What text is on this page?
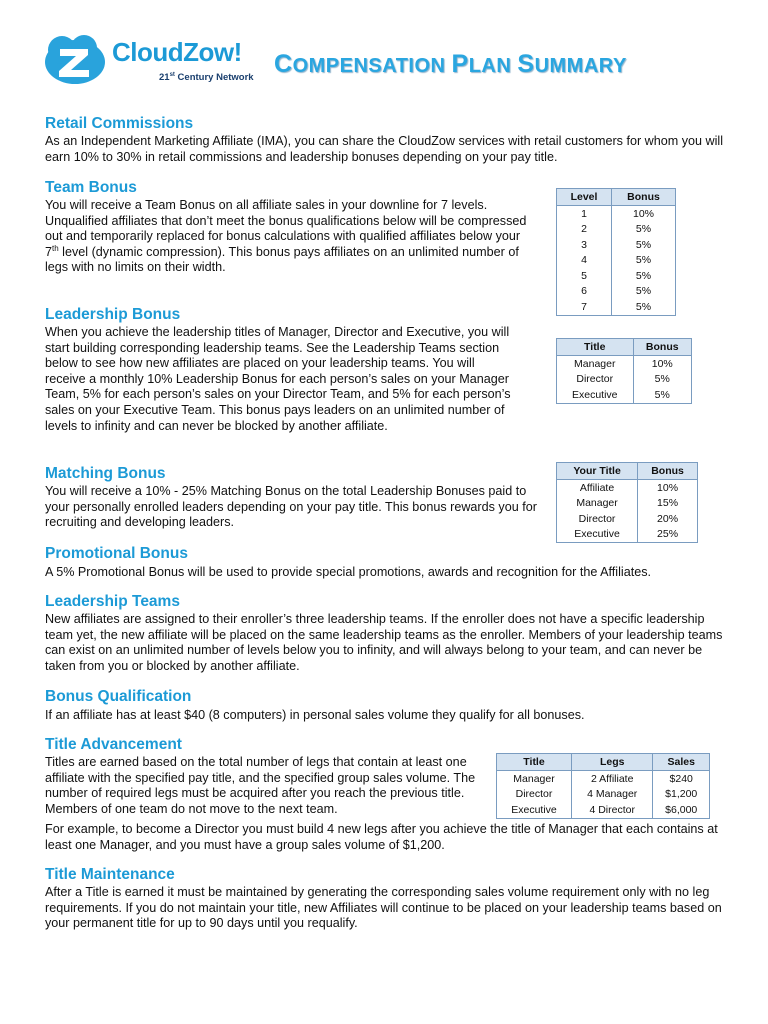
CloudZow!
21st Century Network COMPENSATION PLAN SUMMARY
Retail Commissions
As an Independent Marketing Affiliate (IMA), you can share the CloudZow services with retail customers for whom you will earn 10% to 30% in retail commissions and leadership bonuses depending on your pay title.
Team Bonus
You will receive a Team Bonus on all affiliate sales in your downline for 7 levels. Unqualified affiliates that don’t meet the bonus qualifications below will be compressed out and temporarily replaced for bonus calculations with qualified affiliates below your 7th level (dynamic compression). This bonus pays affiliates on an unlimited number of legs with no limits on their width.
Level	Bonus
1	10%
2	5%
3	5%
4	5%
5	5%
6	5%
7	5%
Leadership Bonus
When you achieve the leadership titles of Manager, Director and Executive, you will start building corresponding leadership teams. See the Leadership Teams section below to see how new affiliates are placed on your leadership teams. You will receive a monthly 10% Leadership Bonus for each person’s sales on your Manager Team, 5% for each person’s sales on your Director Team, and 5% for each person’s sales on your Executive Team. This bonus pays leaders on an unlimited number of levels to infinity and can never be blocked by another affiliate.
Title	Bonus
Manager	10%
Director	5%
Executive	5%
Matching Bonus
You will receive a 10% - 25% Matching Bonus on the total Leadership Bonuses paid to your personally enrolled leaders depending on your pay title. This bonus rewards you for recruiting and developing leaders.
Your Title	Bonus
Affiliate	10%
Manager	15%
Director	20%
Executive	25%
Promotional Bonus
A 5% Promotional Bonus will be used to provide special promotions, awards and recognition for the Affiliates.
Leadership Teams
New affiliates are assigned to their enroller’s three leadership teams. If the enroller does not have a specific leadership team yet, the new affiliate will be placed on the same leadership teams as the enroller. Members of your leadership teams can exist on an unlimited number of levels below you to infinity, and will always belong to your team, and can never be taken from you or blocked by another affiliate.
Bonus Qualification
If an affiliate has at least $40 (8 computers) in personal sales volume they qualify for all bonuses.
Title Advancement
Titles are earned based on the total number of legs that contain at least one affiliate with the specified pay title, and the specified group sales volume. The number of required legs must be acquired after you reach the previous title. Members of one team do not move to the next team.
Title	Legs	Sales
Manager	2 Affiliate	$240
Director	4 Manager	$1,200
Executive	4 Director	$6,000
For example, to become a Director you must build 4 new legs after you achieve the title of Manager that each contains at least one Manager, and you must have a group sales volume of $1,200.
Title Maintenance
After a Title is earned it must be maintained by generating the corresponding sales volume requirement only with no leg requirements. If you do not maintain your title, new Affiliates will continue to be placed on your leadership teams based on your permanent title for up to 90 days until you requalify.
